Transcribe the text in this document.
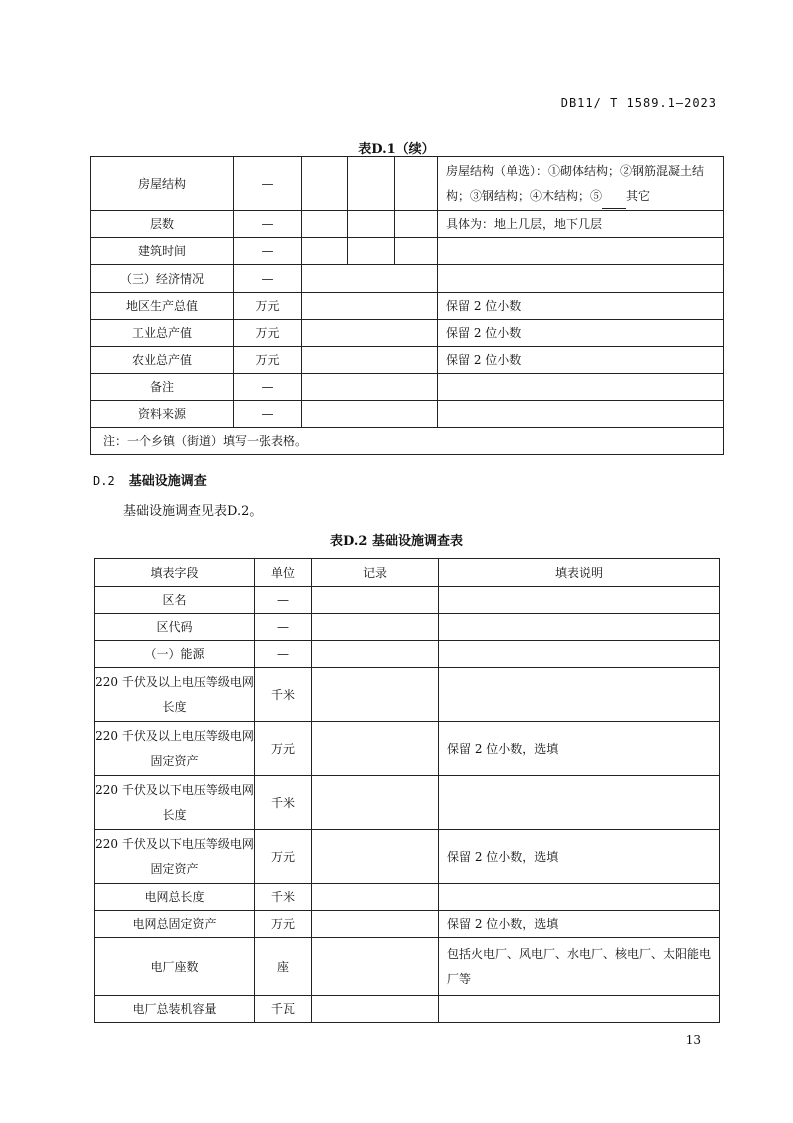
DB11/ T 1589.1—2023
表D.1（续）
房屋结构	—				房屋结构（单选）：①砌体结构；②钢筋混凝土结
构；③钢结构；④木结构；⑤ 其它
层数	—				具体为：地上几层，地下几层
建筑时间	—				
（三）经济情况	—				
地区生产总值	万元				保留 2 位小数
工业总产值	万元				保留 2 位小数
农业总产值	万元				保留 2 位小数
备注	—				
资料来源	—				
注：一个乡镇（街道）填写一张表格。					
D.2 基础设施调查
基础设施调查见表D.2。
表D.2 基础设施调查表
填表字段	单位	记录	填表说明
区名	—		
区代码	—		
（一）能源	—		
220 千伏及以上电压等级电网
长度	千米		
220 千伏及以上电压等级电网
固定资产	万元		保留 2 位小数，选填
220 千伏及以下电压等级电网
长度	千米		
220 千伏及以下电压等级电网
固定资产	万元		保留 2 位小数，选填
电网总长度	千米		
电网总固定资产	万元		保留 2 位小数，选填
电厂座数	座		包括火电厂、风电厂、水电厂、核电厂、太阳能电
厂等
电厂总装机容量	千瓦		
13
